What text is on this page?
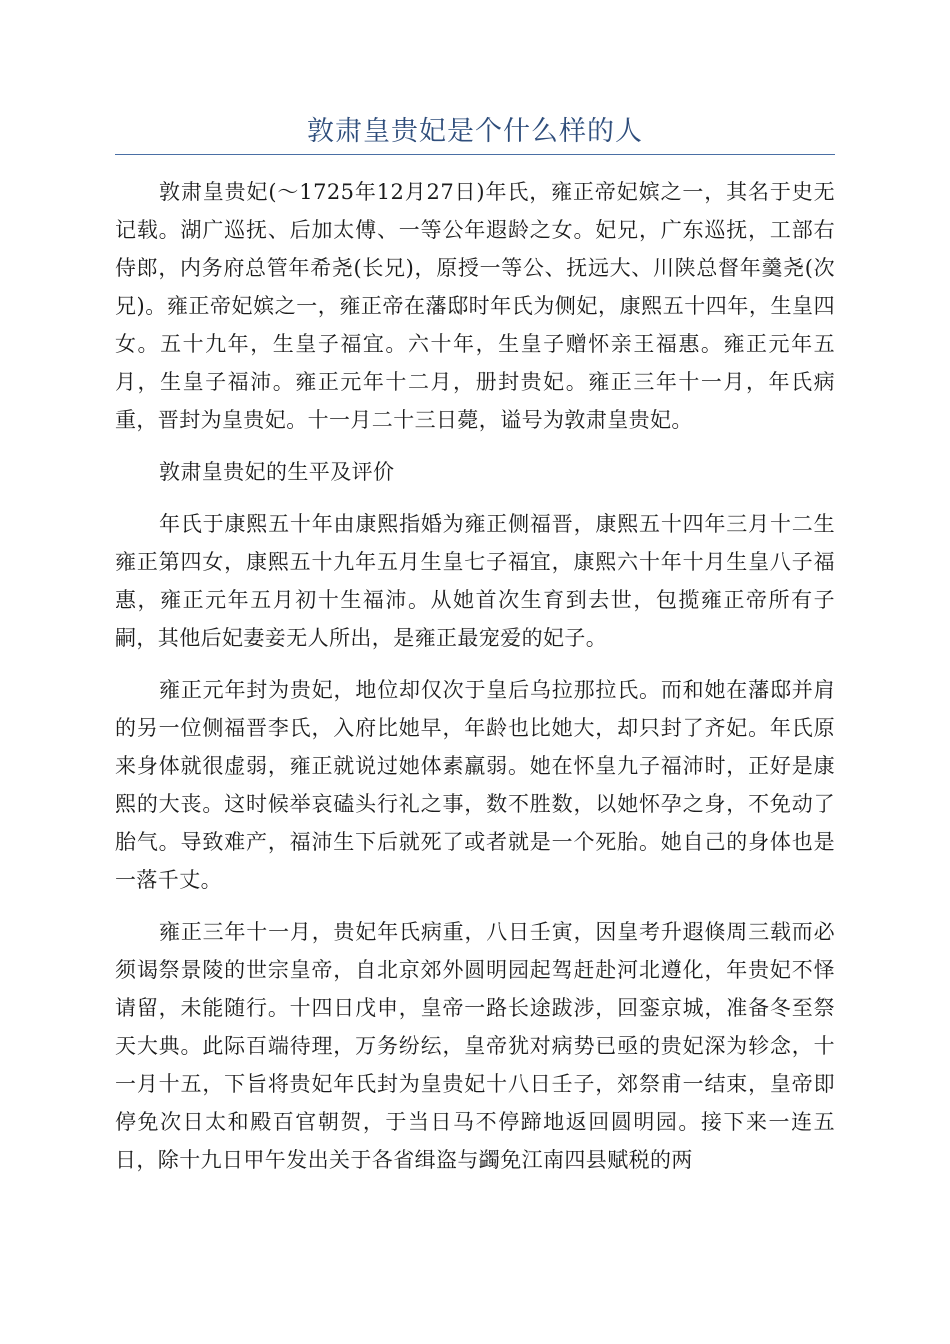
敦肃皇贵妃是个什么样的人

敦肃皇贵妃(～1725年12月27日)年氏，雍正帝妃嫔之一，其名于史无记载。湖广巡抚、后加太傅、一等公年遐龄之女。妃兄，广东巡抚，工部右侍郎，内务府总管年希尧(长兄)，原授一等公、抚远大、川陕总督年羹尧(次兄)。雍正帝妃嫔之一，雍正帝在藩邸时年氏为侧妃，康熙五十四年，生皇四女。五十九年，生皇子福宜。六十年，生皇子赠怀亲王福惠。雍正元年五月，生皇子福沛。雍正元年十二月，册封贵妃。雍正三年十一月，年氏病重，晋封为皇贵妃。十一月二十三日薨，谥号为敦肃皇贵妃。

敦肃皇贵妃的生平及评价

年氏于康熙五十年由康熙指婚为雍正侧福晋，康熙五十四年三月十二生雍正第四女，康熙五十九年五月生皇七子福宜，康熙六十年十月生皇八子福惠，雍正元年五月初十生福沛。从她首次生育到去世，包揽雍正帝所有子嗣，其他后妃妻妾无人所出，是雍正最宠爱的妃子。

雍正元年封为贵妃，地位却仅次于皇后乌拉那拉氏。而和她在藩邸并肩的另一位侧福晋李氏，入府比她早，年龄也比她大，却只封了齐妃。年氏原来身体就很虚弱，雍正就说过她体素羸弱。她在怀皇九子福沛时，正好是康熙的大丧。这时候举哀磕头行礼之事，数不胜数，以她怀孕之身，不免动了胎气。导致难产，福沛生下后就死了或者就是一个死胎。她自己的身体也是一落千丈。

雍正三年十一月，贵妃年氏病重，八日壬寅，因皇考升遐倏周三载而必须谒祭景陵的世宗皇帝，自北京郊外圆明园起驾赶赴河北遵化，年贵妃不怿请留，未能随行。十四日戊申，皇帝一路长途跋涉，回銮京城，准备冬至祭天大典。此际百端待理，万务纷纭，皇帝犹对病势已亟的贵妃深为轸念，十一月十五，下旨将贵妃年氏封为皇贵妃十八日壬子，郊祭甫一结束，皇帝即停免次日太和殿百官朝贺，于当日马不停蹄地返回圆明园。接下来一连五日，除十九日甲午发出关于各省缉盗与蠲免江南四县赋税的两
